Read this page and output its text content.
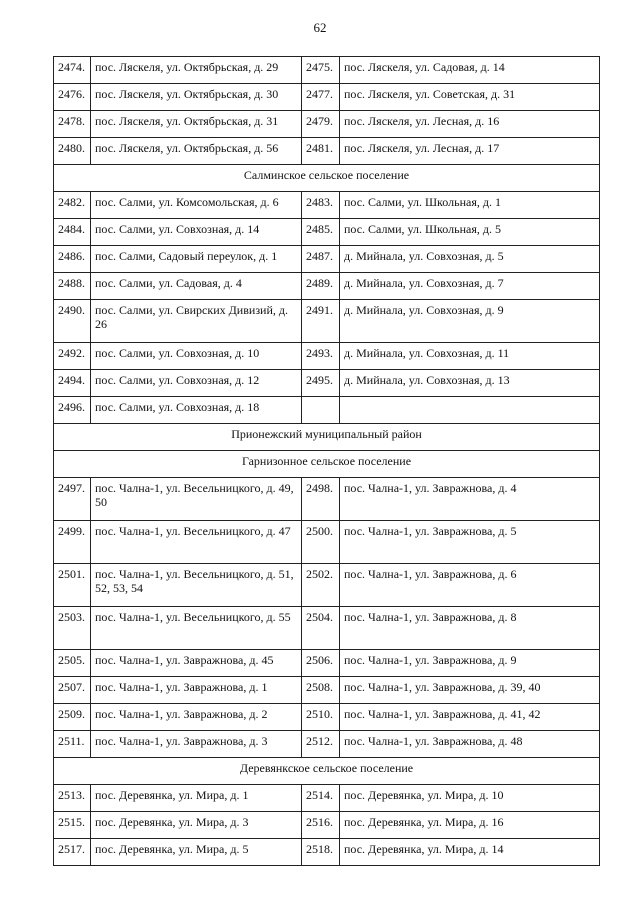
62
2474.	пос. Ляскеля, ул. Октябрьская, д. 29	2475.	пос. Ляскеля, ул. Садовая, д. 14
2476.	пос. Ляскеля, ул. Октябрьская, д. 30	2477.	пос. Ляскеля, ул. Советская, д. 31
2478.	пос. Ляскеля, ул. Октябрьская, д. 31	2479.	пос. Ляскеля, ул. Лесная, д. 16
2480.	пос. Ляскеля, ул. Октябрьская, д. 56	2481.	пос. Ляскеля, ул. Лесная, д. 17
Салминское сельское поселение			
2482.	пос. Салми, ул. Комсомольская, д. 6	2483.	пос. Салми, ул. Школьная, д. 1
2484.	пос. Салми, ул. Совхозная, д. 14	2485.	пос. Салми, ул. Школьная, д. 5
2486.	пос. Салми, Садовый переулок, д. 1	2487.	д. Мийнала, ул. Совхозная, д. 5
2488.	пос. Салми, ул. Садовая, д. 4	2489.	д. Мийнала, ул. Совхозная, д. 7
2490.	пос. Салми, ул. Свирских Дивизий, д. 26	2491.	д. Мийнала, ул. Совхозная, д. 9
2492.	пос. Салми, ул. Совхозная, д. 10	2493.	д. Мийнала, ул. Совхозная, д. 11
2494.	пос. Салми, ул. Совхозная, д. 12	2495.	д. Мийнала, ул. Совхозная, д. 13
2496.	пос. Салми, ул. Совхозная, д. 18		
Прионежский муниципальный район			
Гарнизонное сельское поселение			
2497.	пос. Чална-1, ул. Весельницкого, д. 49, 50	2498.	пос. Чална-1, ул. Завражнова, д. 4
2499.	пос. Чална-1, ул. Весельницкого, д. 47	2500.	пос. Чална-1, ул. Завражнова, д. 5
2501.	пос. Чална-1, ул. Весельницкого, д. 51, 52, 53, 54	2502.	пос. Чална-1, ул. Завражнова, д. 6
2503.	пос. Чална-1, ул. Весельницкого, д. 55	2504.	пос. Чална-1, ул. Завражнова, д. 8
2505.	пос. Чална-1, ул. Завражнова, д. 45	2506.	пос. Чална-1, ул. Завражнова, д. 9
2507.	пос. Чална-1, ул. Завражнова, д. 1	2508.	пос. Чална-1, ул. Завражнова, д. 39, 40
2509.	пос. Чална-1, ул. Завражнова, д. 2	2510.	пос. Чална-1, ул. Завражнова, д. 41, 42
2511.	пос. Чална-1, ул. Завражнова, д. 3	2512.	пос. Чална-1, ул. Завражнова, д. 48
Деревянкское сельское поселение			
2513.	пос. Деревянка, ул. Мира, д. 1	2514.	пос. Деревянка, ул. Мира, д. 10
2515.	пос. Деревянка, ул. Мира, д. 3	2516.	пос. Деревянка, ул. Мира, д. 16
2517.	пос. Деревянка, ул. Мира, д. 5	2518.	пос. Деревянка, ул. Мира, д. 14
